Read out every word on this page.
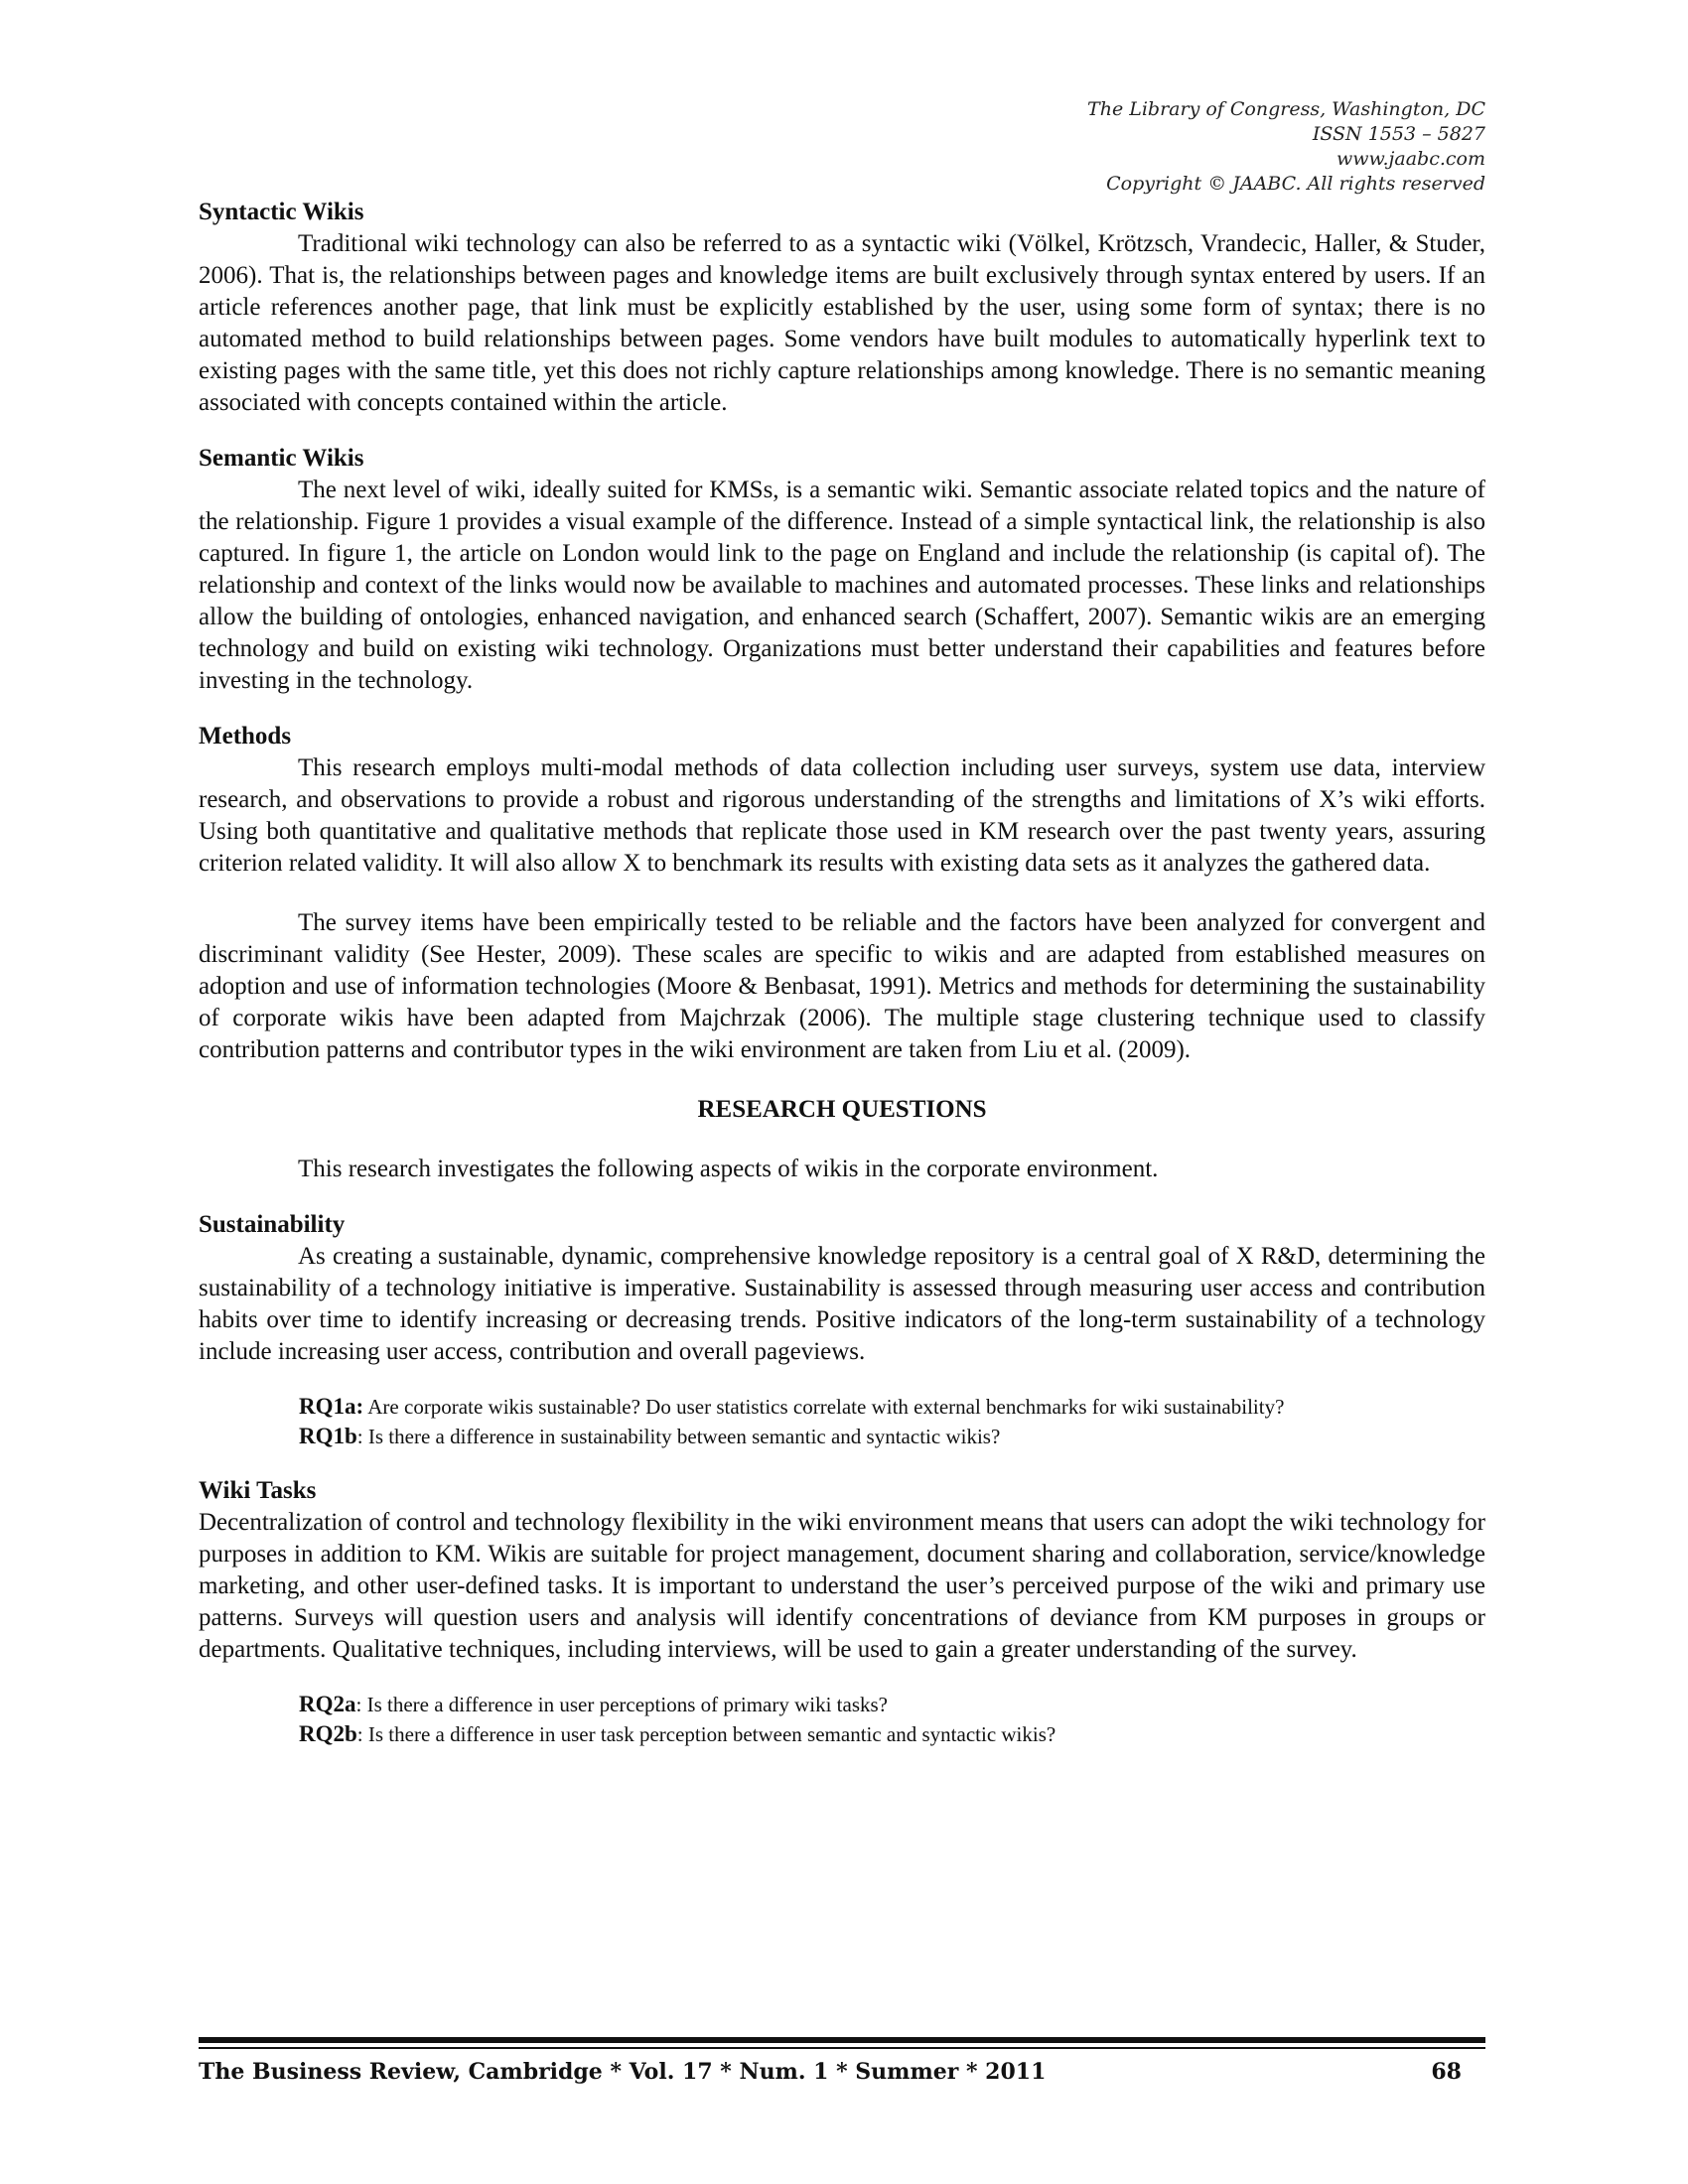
The Library of Congress, Washington, DC
ISSN 1553 – 5827
www.jaabc.com
Copyright © JAABC. All rights reserved
Syntactic Wikis

Traditional wiki technology can also be referred to as a syntactic wiki (Völkel, Krötzsch, Vrandecic, Haller, & Studer, 2006). That is, the relationships between pages and knowledge items are built exclusively through syntax entered by users. If an article references another page, that link must be explicitly established by the user, using some form of syntax; there is no automated method to build relationships between pages. Some vendors have built modules to automatically hyperlink text to existing pages with the same title, yet this does not richly capture relationships among knowledge. There is no semantic meaning associated with concepts contained within the article.

Semantic Wikis

The next level of wiki, ideally suited for KMSs, is a semantic wiki. Semantic associate related topics and the nature of the relationship. Figure 1 provides a visual example of the difference. Instead of a simple syntactical link, the relationship is also captured. In figure 1, the article on London would link to the page on England and include the relationship (is capital of). The relationship and context of the links would now be available to machines and automated processes. These links and relationships allow the building of ontologies, enhanced navigation, and enhanced search (Schaffert, 2007). Semantic wikis are an emerging technology and build on existing wiki technology. Organizations must better understand their capabilities and features before investing in the technology.

Methods

This research employs multi-modal methods of data collection including user surveys, system use data, interview research, and observations to provide a robust and rigorous understanding of the strengths and limitations of X’s wiki efforts. Using both quantitative and qualitative methods that replicate those used in KM research over the past twenty years, assuring criterion related validity. It will also allow X to benchmark its results with existing data sets as it analyzes the gathered data.

The survey items have been empirically tested to be reliable and the factors have been analyzed for convergent and discriminant validity (See Hester, 2009). These scales are specific to wikis and are adapted from established measures on adoption and use of information technologies (Moore & Benbasat, 1991). Metrics and methods for determining the sustainability of corporate wikis have been adapted from Majchrzak (2006). The multiple stage clustering technique used to classify contribution patterns and contributor types in the wiki environment are taken from Liu et al. (2009).

RESEARCH QUESTIONS

This research investigates the following aspects of wikis in the corporate environment.

Sustainability

As creating a sustainable, dynamic, comprehensive knowledge repository is a central goal of X R&D, determining the sustainability of a technology initiative is imperative. Sustainability is assessed through measuring user access and contribution habits over time to identify increasing or decreasing trends. Positive indicators of the long-term sustainability of a technology include increasing user access, contribution and overall pageviews.

RQ1a: Are corporate wikis sustainable? Do user statistics correlate with external benchmarks for wiki sustainability?

RQ1b: Is there a difference in sustainability between semantic and syntactic wikis?

Wiki Tasks

Decentralization of control and technology flexibility in the wiki environment means that users can adopt the wiki technology for purposes in addition to KM. Wikis are suitable for project management, document sharing and collaboration, service/knowledge marketing, and other user-defined tasks. It is important to understand the user’s perceived purpose of the wiki and primary use patterns. Surveys will question users and analysis will identify concentrations of deviance from KM purposes in groups or departments. Qualitative techniques, including interviews, will be used to gain a greater understanding of the survey.

RQ2a: Is there a difference in user perceptions of primary wiki tasks?

RQ2b: Is there a difference in user task perception between semantic and syntactic wikis?

The Business Review, Cambridge * Vol. 17 * Num. 1 * Summer * 2011	68
